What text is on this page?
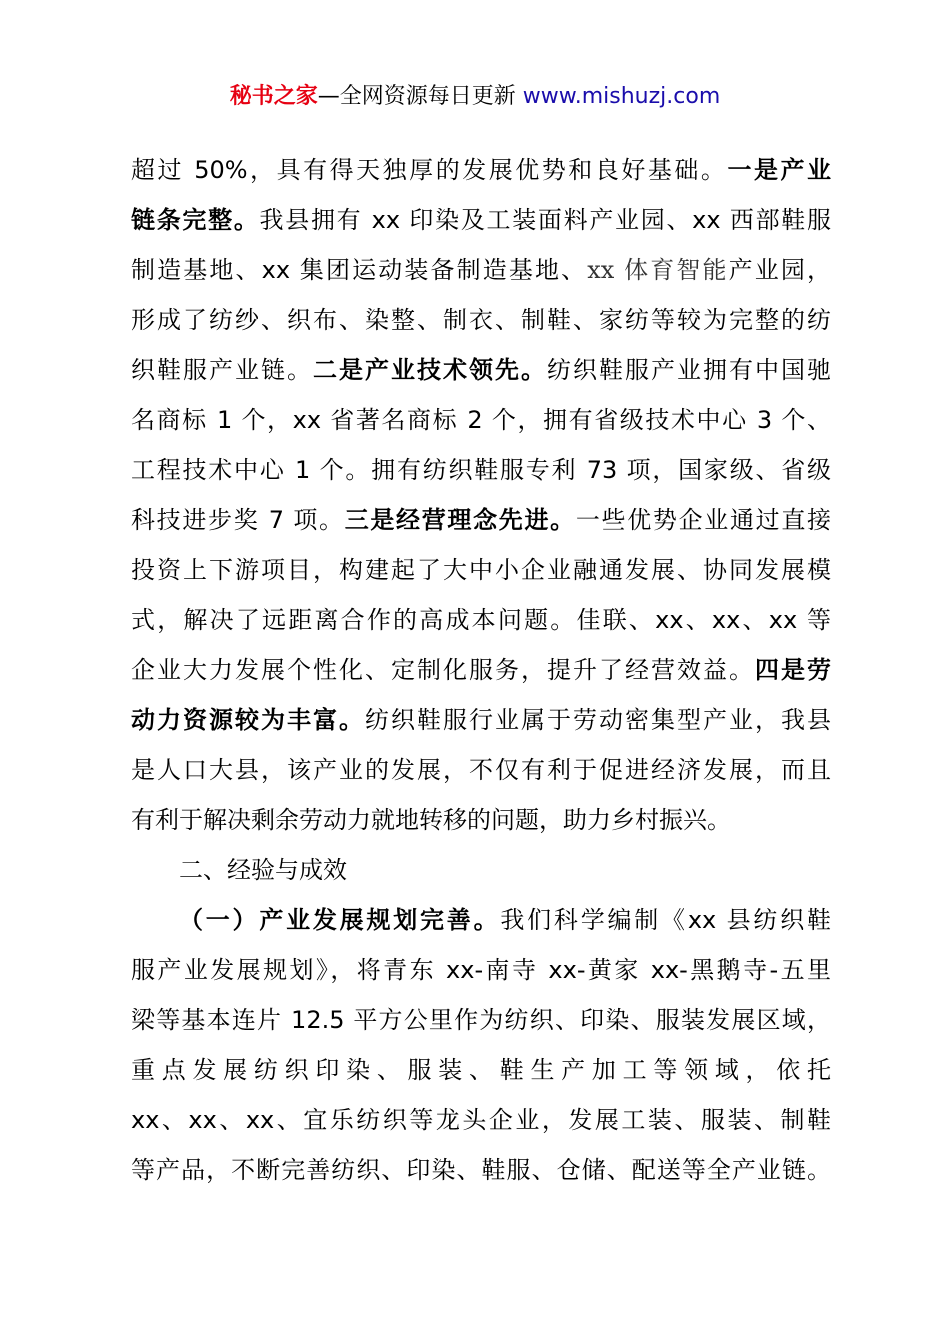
秘书之家—全网资源每日更新 www.mishuzj.com
超过 50%，具有得天独厚的发展优势和良好基础。一是产业
链条完整。我县拥有 xx 印染及工装面料产业园、xx 西部鞋服
制造基地、xx 集团运动装备制造基地、xx 体育智能产业园，
形成了纺纱、织布、染整、制衣、制鞋、家纺等较为完整的纺
织鞋服产业链。二是产业技术领先。纺织鞋服产业拥有中国驰
名商标 1 个，xx 省著名商标 2 个，拥有省级技术中心 3 个、
工程技术中心 1 个。拥有纺织鞋服专利 73 项，国家级、省级
科技进步奖 7 项。三是经营理念先进。一些优势企业通过直接
投资上下游项目，构建起了大中小企业融通发展、协同发展模
式，解决了远距离合作的高成本问题。佳联、xx、xx、xx 等
企业大力发展个性化、定制化服务，提升了经营效益。四是劳
动力资源较为丰富。纺织鞋服行业属于劳动密集型产业，我县
是人口大县，该产业的发展，不仅有利于促进经济发展，而且
有利于解决剩余劳动力就地转移的问题，助力乡村振兴。
二、经验与成效
（一）产业发展规划完善。我们科学编制《xx 县纺织鞋
服产业发展规划》，将青东 xx-南寺 xx-黄家 xx-黑鹅寺-五里
梁等基本连片 12.5 平方公里作为纺织、印染、服装发展区域，
重点发展纺织印染、服装、鞋生产加工等领域，依托
xx、xx、xx、宜乐纺织等龙头企业，发展工装、服装、制鞋
等产品，不断完善纺织、印染、鞋服、仓储、配送等全产业链。
